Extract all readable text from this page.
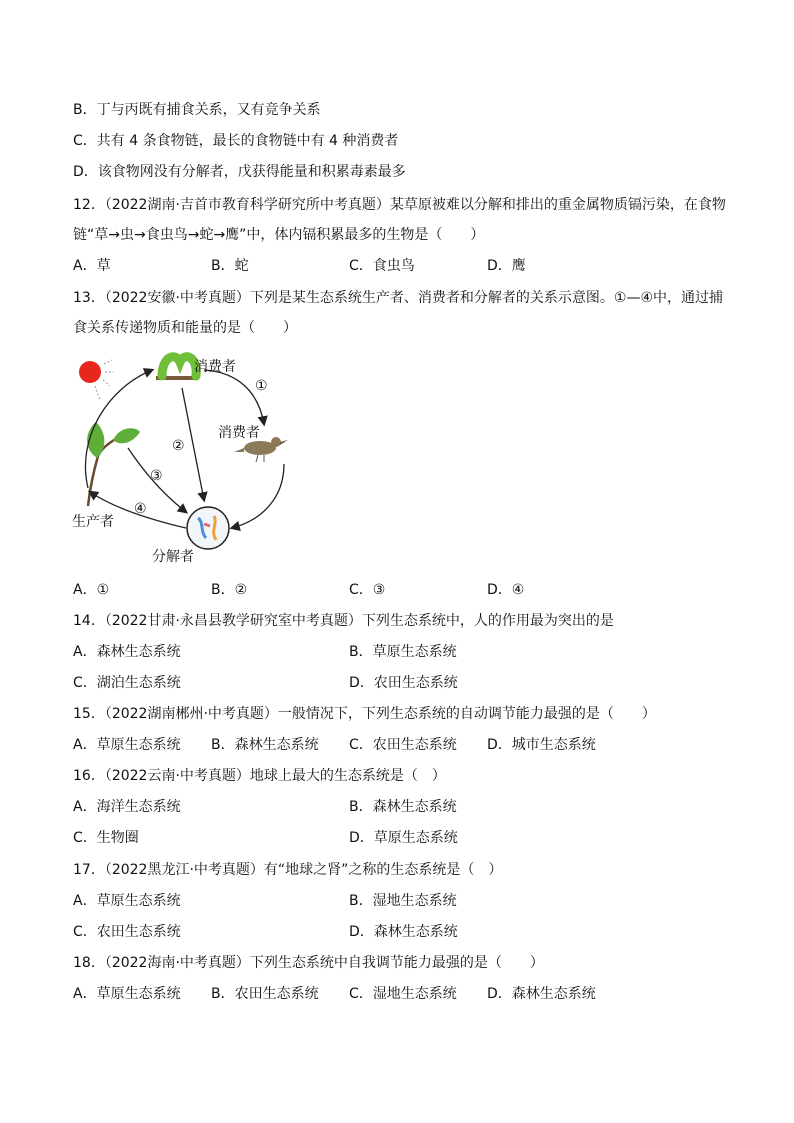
B．丁与丙既有捕食关系，又有竞争关系
C．共有 4 条食物链，最长的食物链中有 4 种消费者
D．该食物网没有分解者，戊获得能量和积累毒素最多
12．（2022湖南·吉首市教育科学研究所中考真题）某草原被难以分解和排出的重金属物质镉污染，在食物
链“草→虫→食虫鸟→蛇→鹰”中，体内镉积累最多的生物是（　　）
A．草	B．蛇	C．食虫鸟	D．鹰
13．（2022安徽·中考真题）下列是某生态系统生产者、消费者和分解者的关系示意图。①—④中，通过捕
食关系传递物质和能量的是（　　）
消费者
消费者
生产者
分解者
①
②
③
④
A．①	B．②	C．③	D．④
14．（2022甘肃·永昌县教学研究室中考真题）下列生态系统中，人的作用最为突出的是
A．森林生态系统	B．草原生态系统
C．湖泊生态系统	D．农田生态系统
15．（2022湖南郴州·中考真题）一般情况下，下列生态系统的自动调节能力最强的是（　　）
A．草原生态系统 B．森林生态系统 C．农田生态系统 D．城市生态系统
16．（2022云南·中考真题）地球上最大的生态系统是（　）
A．海洋生态系统	B．森林生态系统
C．生物圈	D．草原生态系统
17．（2022黑龙江·中考真题）有“地球之肾”之称的生态系统是（　）
A．草原生态系统	B．湿地生态系统
C．农田生态系统	D．森林生态系统
18．（2022海南·中考真题）下列生态系统中自我调节能力最强的是（　　）
A．草原生态系统 B．农田生态系统 C．湿地生态系统 D．森林生态系统
